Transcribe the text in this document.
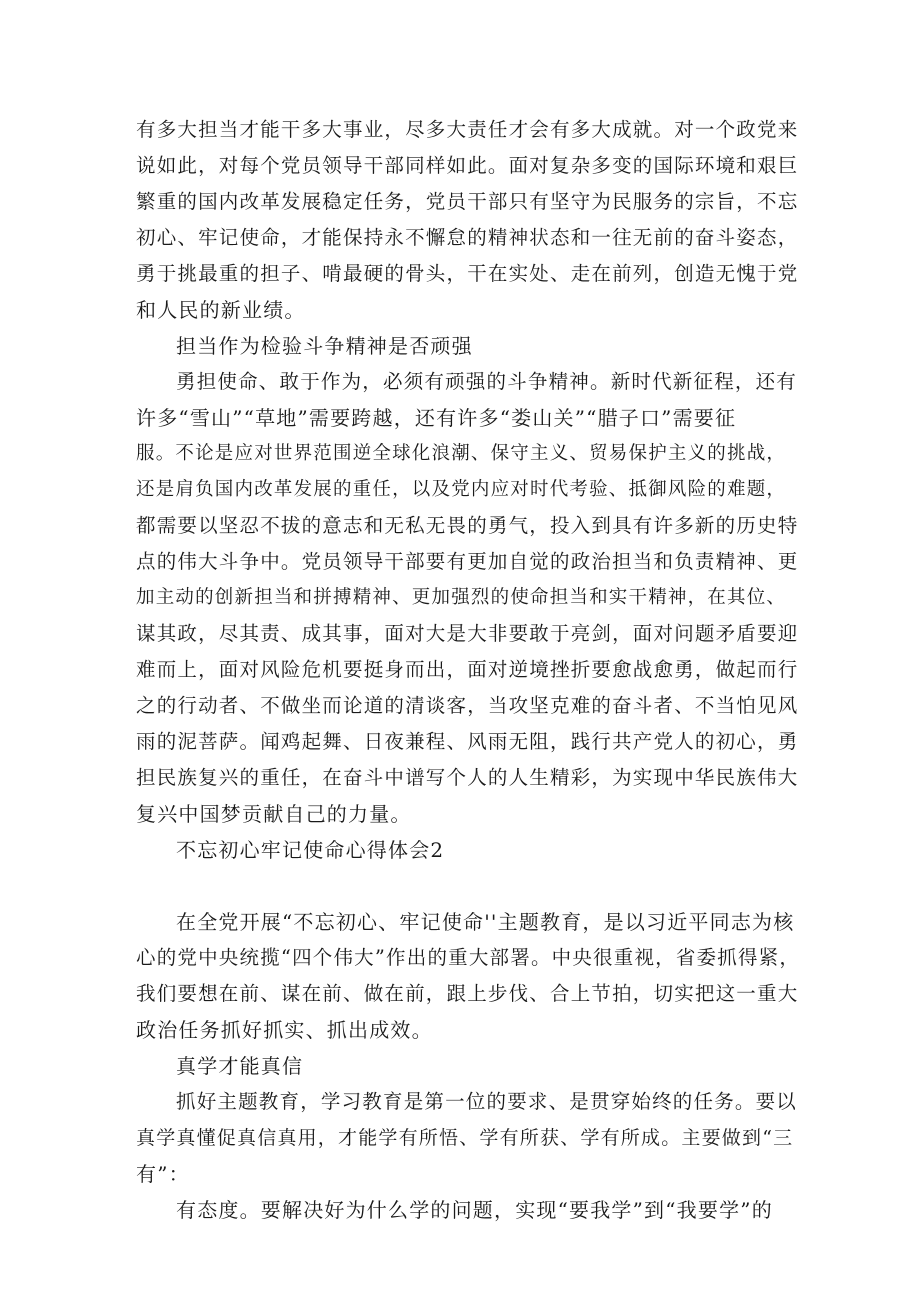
有多大担当才能干多大事业，尽多大责任才会有多大成就。对一个政党来

说如此，对每个党员领导干部同样如此。面对复杂多变的国际环境和艰巨

繁重的国内改革发展稳定任务，党员干部只有坚守为民服务的宗旨，不忘

初心、牢记使命，才能保持永不懈怠的精神状态和一往无前的奋斗姿态，

勇于挑最重的担子、啃最硬的骨头，干在实处、走在前列，创造无愧于党

和人民的新业绩。

担当作为检验斗争精神是否顽强

勇担使命、敢于作为，必须有顽强的斗争精神。新时代新征程，还有

许多“雪山”“草地”需要跨越，还有许多“娄山关”“腊子口”需要征

服。不论是应对世界范围逆全球化浪潮、保守主义、贸易保护主义的挑战，

还是肩负国内改革发展的重任，以及党内应对时代考验、抵御风险的难题，

都需要以坚忍不拔的意志和无私无畏的勇气，投入到具有许多新的历史特

点的伟大斗争中。党员领导干部要有更加自觉的政治担当和负责精神、更

加主动的创新担当和拼搏精神、更加强烈的使命担当和实干精神，在其位、

谋其政，尽其责、成其事，面对大是大非要敢于亮剑，面对问题矛盾要迎

难而上，面对风险危机要挺身而出，面对逆境挫折要愈战愈勇，做起而行

之的行动者、不做坐而论道的清谈客，当攻坚克难的奋斗者、不当怕见风

雨的泥菩萨。闻鸡起舞、日夜兼程、风雨无阻，践行共产党人的初心，勇

担民族复兴的重任，在奋斗中谱写个人的人生精彩，为实现中华民族伟大

复兴中国梦贡献自己的力量。

不忘初心牢记使命心得体会2

在全党开展“不忘初心、牢记使命''主题教育，是以习近平同志为核

心的党中央统揽“四个伟大”作出的重大部署。中央很重视，省委抓得紧，

我们要想在前、谋在前、做在前，跟上步伐、合上节拍，切实把这一重大

政治任务抓好抓实、抓出成效。

真学才能真信

抓好主题教育，学习教育是第一位的要求、是贯穿始终的任务。要以

真学真懂促真信真用，才能学有所悟、学有所获、学有所成。主要做到“三

有”：

有态度。要解决好为什么学的问题，实现“要我学”到“我要学”的
